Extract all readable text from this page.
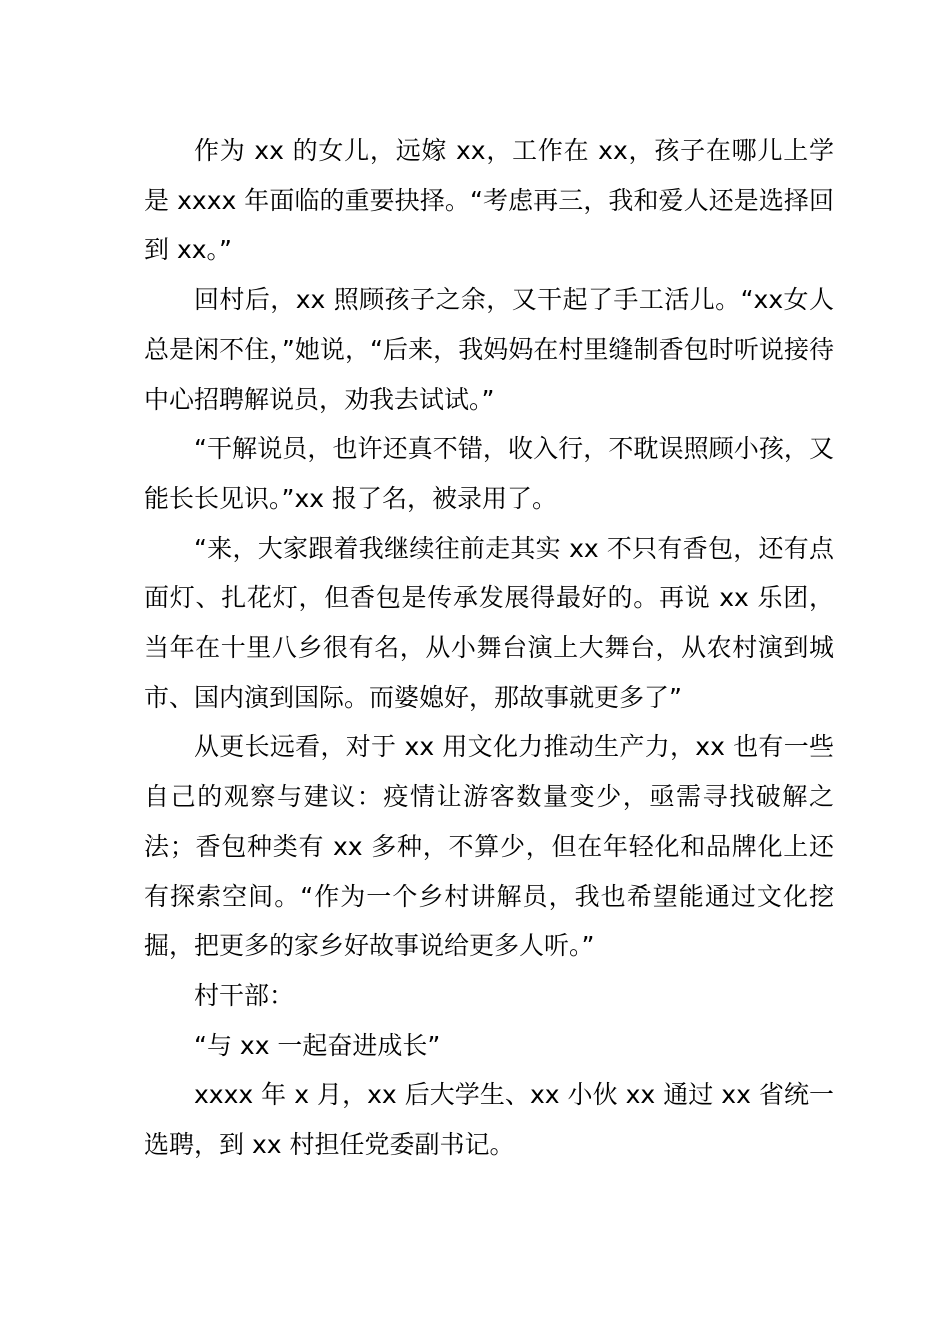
作为 xx 的女儿，远嫁 xx，工作在 xx，孩子在哪儿上学是 xxxx 年面临的重要抉择。“考虑再三，我和爱人还是选择回到 xx。”

回村后，xx 照顾孩子之余，又干起了手工活儿。“xx女人总是闲不住，”她说，“后来，我妈妈在村里缝制香包时听说接待中心招聘解说员，劝我去试试。”

“干解说员，也许还真不错，收入行，不耽误照顾小孩，又能长长见识。”xx 报了名，被录用了。

“来，大家跟着我继续往前走其实 xx 不只有香包，还有点面灯、扎花灯，但香包是传承发展得最好的。再说 xx 乐团，当年在十里八乡很有名，从小舞台演上大舞台，从农村演到城市、国内演到国际。而婆媳好，那故事就更多了”

从更长远看，对于 xx 用文化力推动生产力，xx 也有一些自己的观察与建议：疫情让游客数量变少，亟需寻找破解之法；香包种类有 xx 多种，不算少，但在年轻化和品牌化上还有探索空间。“作为一个乡村讲解员，我也希望能通过文化挖掘，把更多的家乡好故事说给更多人听。”

村干部：

“与 xx 一起奋进成长”

xxxx 年 x 月，xx 后大学生、xx 小伙 xx 通过 xx 省统一选聘，到 xx 村担任党委副书记。
